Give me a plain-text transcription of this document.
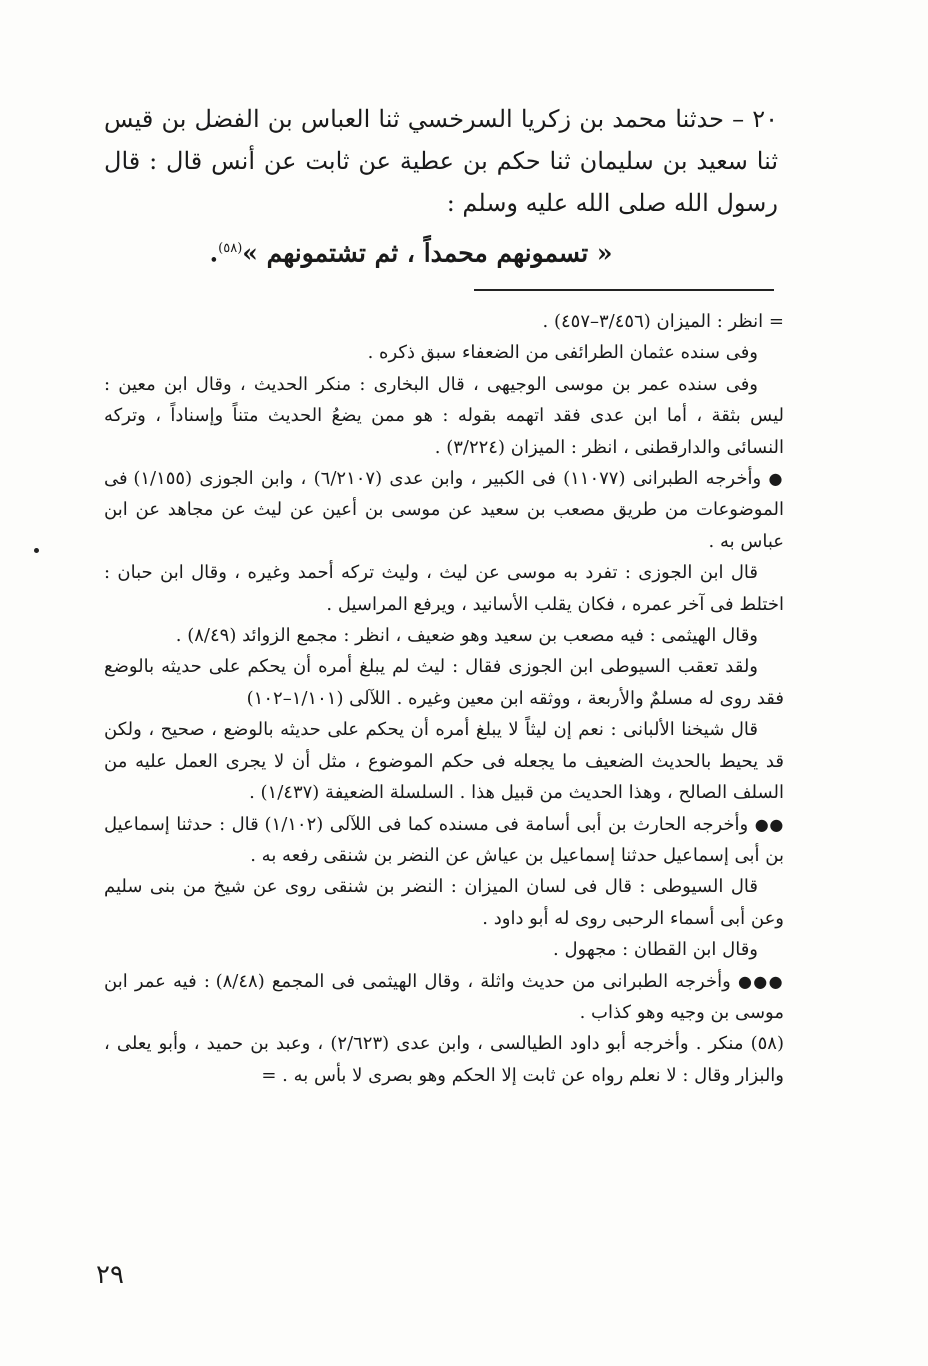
٢٠ – حدثنا محمد بن زكريا السرخسي ثنا العباس بن الفضل بن قيس ثنا سعيد بن سليمان ثنا حكم بن عطية عن ثابت عن أنس قال : قال رسول الله صلى الله عليه وسلم :

« تسمونهم محمداً ، ثم تشتمونهم »$^{(٥٨)}$.

= انظر : الميزان (٣/٤٥٦–٤٥٧) .

وفى سنده عثمان الطرائفى من الضعفاء سبق ذكره .

وفى سنده عمر بن موسى الوجيهى ، قال البخارى : منكر الحديث ، وقال ابن معين : ليس بثقة ، أما ابن عدى فقد اتهمه بقوله : هو ممن يضعُ الحديث متناً وإسناداً ، وتركه النسائى والدارقطنى ، انظر : الميزان (٣/٢٢٤) .

● وأخرجه الطبرانى (١١٠٧٧) فى الكبير ، وابن عدى (٦/٢١٠٧) ، وابن الجوزى (١/١٥٥) فى الموضوعات من طريق مصعب بن سعيد عن موسى بن أعين عن ليث عن مجاهد عن ابن عباس به .

قال ابن الجوزى : تفرد به موسى عن ليث ، وليث تركه أحمد وغيره ، وقال ابن حبان : اختلط فى آخر عمره ، فكان يقلب الأسانيد ، ويرفع المراسيل .

وقال الهيثمى : فيه مصعب بن سعيد وهو ضعيف ، انظر : مجمع الزوائد (٨/٤٩) .

ولقد تعقب السيوطى ابن الجوزى فقال : ليث لم يبلغ أمره أن يحكم على حديثه بالوضع فقد روى له مسلمٌ والأربعة ، ووثقه ابن معين وغيره . اللآلى (١/١٠١–١٠٢)

قال شيخنا الألبانى : نعم إن ليثاً لا يبلغ أمره أن يحكم على حديثه بالوضع ، صحيح ، ولكن قد يحيط بالحديث الضعيف ما يجعله فى حكم الموضوع ، مثل أن لا يجرى العمل عليه من السلف الصالح ، وهذا الحديث من قبيل هذا . السلسلة الضعيفة (١/٤٣٧) .

●● وأخرجه الحارث بن أبى أسامة فى مسنده كما فى اللآلى (١/١٠٢) قال : حدثنا إسماعيل بن أبى إسماعيل حدثنا إسماعيل بن عياش عن النضر بن شنقى رفعه به .

قال السيوطى : قال فى لسان الميزان : النضر بن شنقى روى عن شيخ من بنى سليم وعن أبى أسماء الرحبى روى له أبو داود .

وقال ابن القطان : مجهول .

●●● وأخرجه الطبرانى من حديث واثلة ، وقال الهيثمى فى المجمع (٨/٤٨) : فيه عمر ابن موسى بن وجيه وهو كذاب .

(٥٨) منكر . وأخرجه أبو داود الطيالسى ، وابن عدى (٢/٦٢٣) ، وعبد بن حميد ، وأبو يعلى ، والبزار وقال : لا نعلم رواه عن ثابت إلا الحكم وهو بصرى لا بأس به . =

٢٩
